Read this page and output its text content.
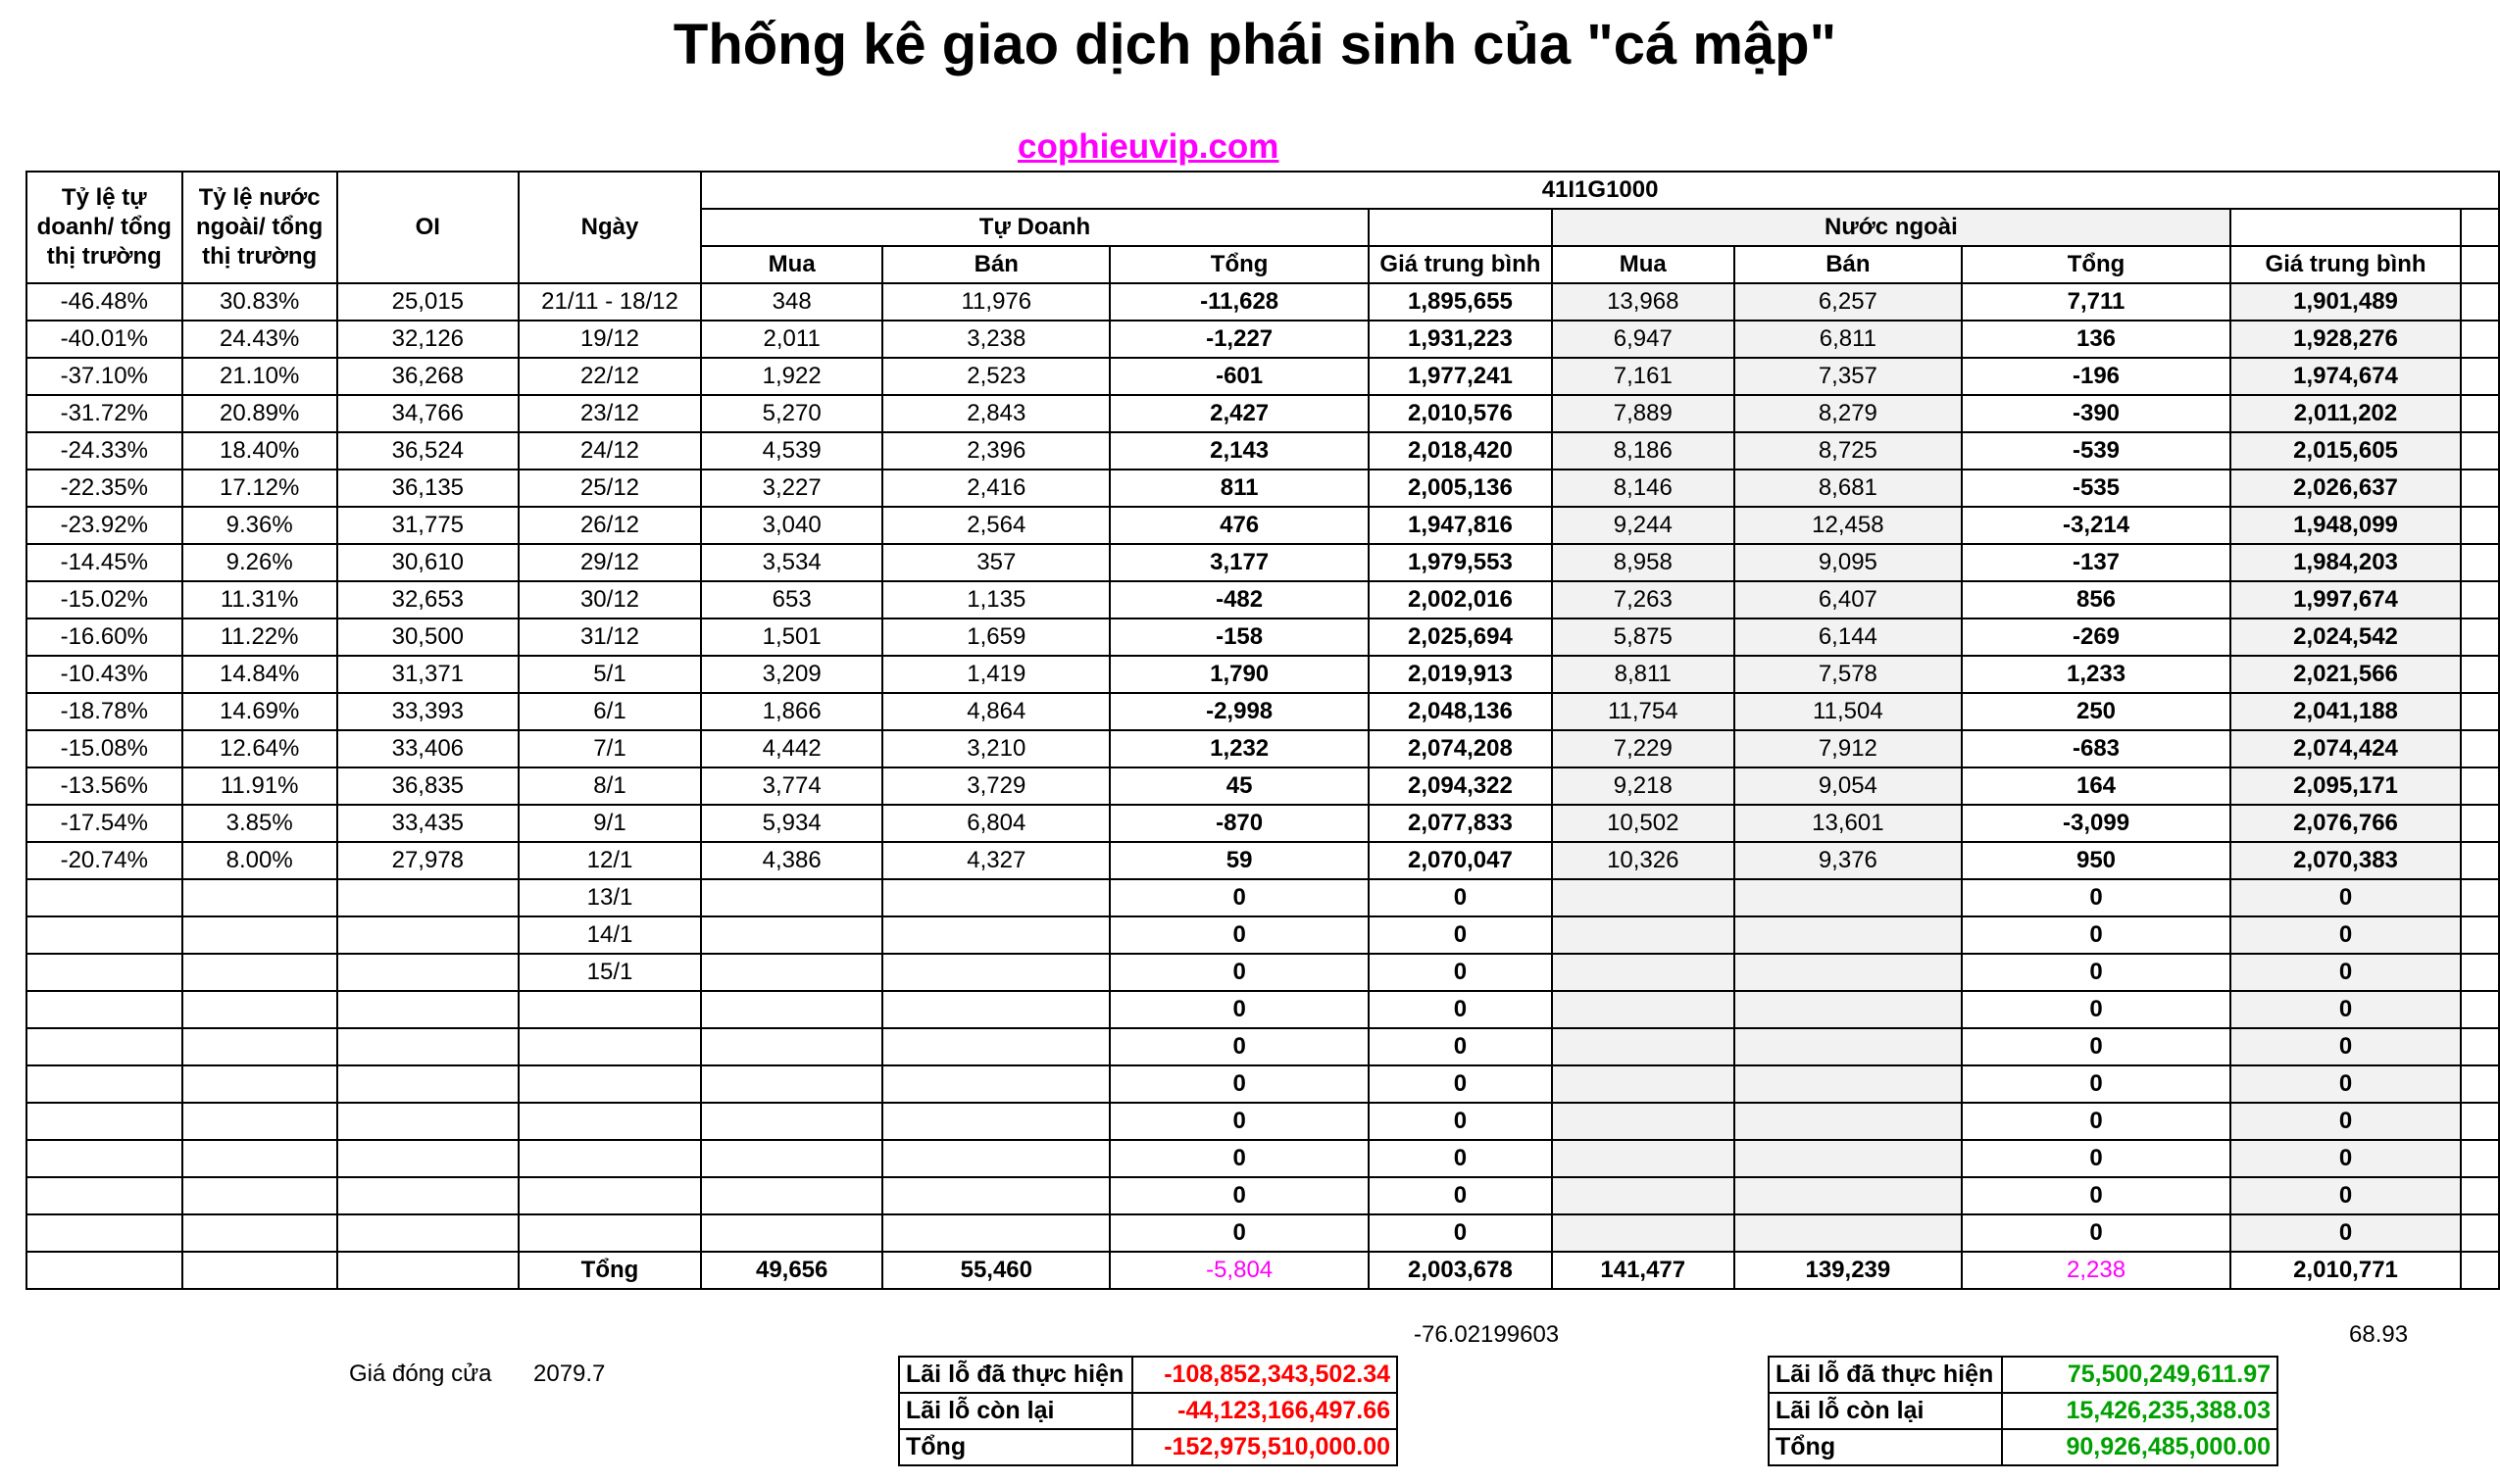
Thống kê giao dịch phái sinh của "cá mập"
cophieuvip.com
Tỷ lệ tự doanh/ tổng thị trường	Tỷ lệ nước ngoài/ tổng thị trường	OI	Ngày	41I1G1000								
				Tự Doanh				Nước ngoài				
				Mua	Bán	Tổng	Giá trung bình	Mua	Bán	Tổng	Giá trung bình	
-46.48%	30.83%	25,015	21/11 - 18/12	348	11,976	-11,628	1,895,655	13,968	6,257	7,711	1,901,489	
-40.01%	24.43%	32,126	19/12	2,011	3,238	-1,227	1,931,223	6,947	6,811	136	1,928,276	
-37.10%	21.10%	36,268	22/12	1,922	2,523	-601	1,977,241	7,161	7,357	-196	1,974,674	
-31.72%	20.89%	34,766	23/12	5,270	2,843	2,427	2,010,576	7,889	8,279	-390	2,011,202	
-24.33%	18.40%	36,524	24/12	4,539	2,396	2,143	2,018,420	8,186	8,725	-539	2,015,605	
-22.35%	17.12%	36,135	25/12	3,227	2,416	811	2,005,136	8,146	8,681	-535	2,026,637	
-23.92%	9.36%	31,775	26/12	3,040	2,564	476	1,947,816	9,244	12,458	-3,214	1,948,099	
-14.45%	9.26%	30,610	29/12	3,534	357	3,177	1,979,553	8,958	9,095	-137	1,984,203	
-15.02%	11.31%	32,653	30/12	653	1,135	-482	2,002,016	7,263	6,407	856	1,997,674	
-16.60%	11.22%	30,500	31/12	1,501	1,659	-158	2,025,694	5,875	6,144	-269	2,024,542	
-10.43%	14.84%	31,371	5/1	3,209	1,419	1,790	2,019,913	8,811	7,578	1,233	2,021,566	
-18.78%	14.69%	33,393	6/1	1,866	4,864	-2,998	2,048,136	11,754	11,504	250	2,041,188	
-15.08%	12.64%	33,406	7/1	4,442	3,210	1,232	2,074,208	7,229	7,912	-683	2,074,424	
-13.56%	11.91%	36,835	8/1	3,774	3,729	45	2,094,322	9,218	9,054	164	2,095,171	
-17.54%	3.85%	33,435	9/1	5,934	6,804	-870	2,077,833	10,502	13,601	-3,099	2,076,766	
-20.74%	8.00%	27,978	12/1	4,386	4,327	59	2,070,047	10,326	9,376	950	2,070,383	
			13/1			0	0			0	0	
			14/1			0	0			0	0	
			15/1			0	0			0	0	
						0	0			0	0	
						0	0			0	0	
						0	0			0	0	
						0	0			0	0	
						0	0			0	0	
						0	0			0	0	
						0	0			0	0	
			Tổng	49,656	55,460	-5,804	2,003,678	141,477	139,239	2,238	2,010,771	
-76.02199603	68.93
Giá đóng cửa 2079.7	Lãi lỗ đã thực hiện	-108,852,343,502.34
Lãi lỗ còn lại	-44,123,166,497.66
Tổng	-152,975,510,000.00
Lãi lỗ đã thực hiện	75,500,249,611.97
Lãi lỗ còn lại	15,426,235,388.03
Tổng	90,926,485,000.00
